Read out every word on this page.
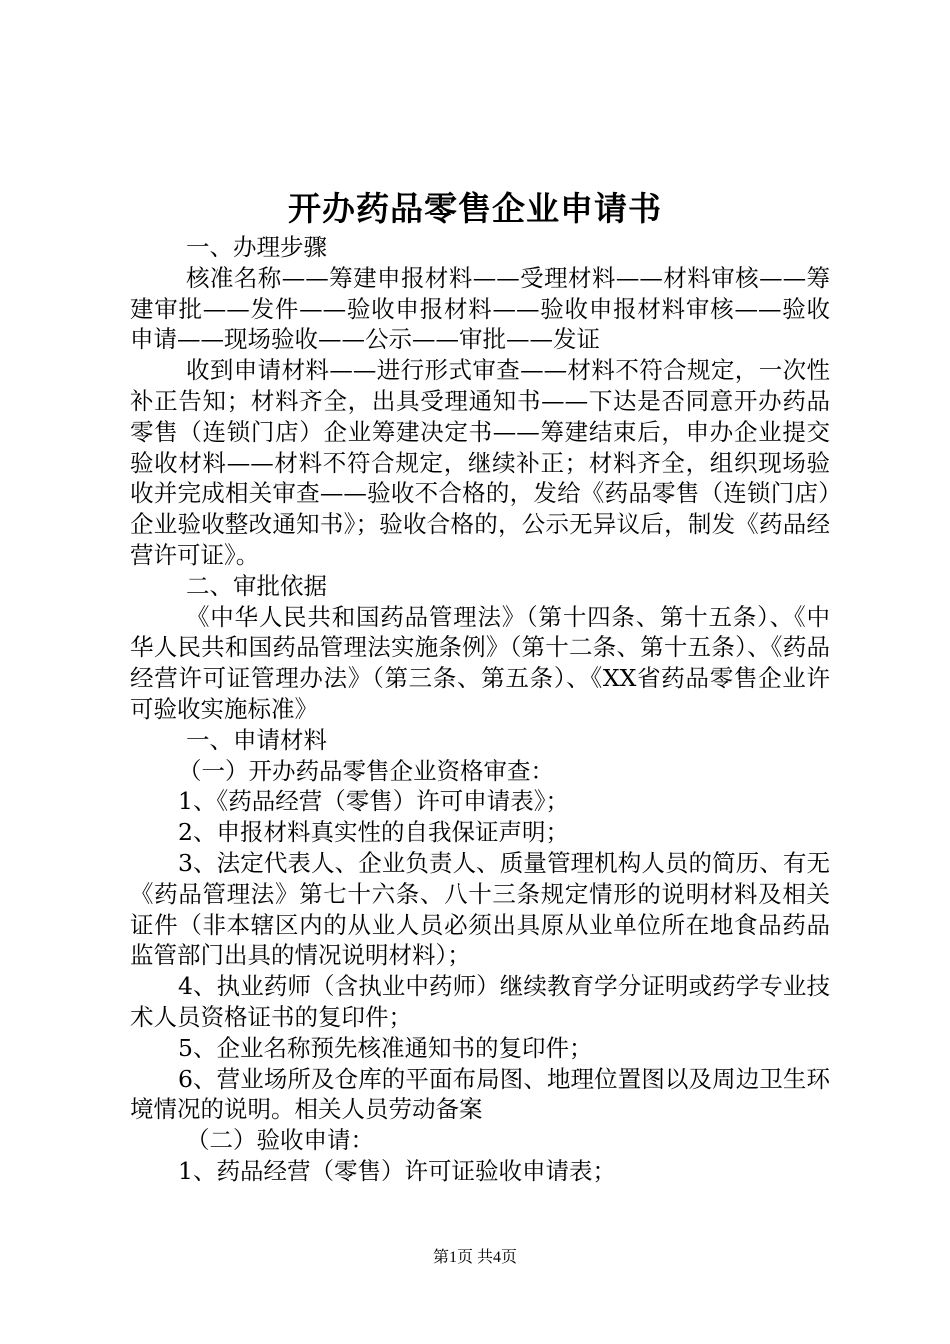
开办药品零售企业申请书

一、办理步骤

核准名称——筹建申报材料——受理材料——材料审核——筹建审批——发件——验收申报材料——验收申报材料审核——验收申请——现场验收——公示——审批——发证

收到申请材料——进行形式审查——材料不符合规定，一次性补正告知；材料齐全，出具受理通知书——下达是否同意开办药品零售（连锁门店）企业筹建决定书——筹建结束后，申办企业提交验收材料——材料不符合规定，继续补正；材料齐全，组织现场验收并完成相关审查——验收不合格的，发给《药品零售（连锁门店）企业验收整改通知书》；验收合格的，公示无异议后，制发《药品经营许可证》。

二、审批依据

《中华人民共和国药品管理法》（第十四条、第十五条）、《中华人民共和国药品管理法实施条例》（第十二条、第十五条）、《药品经营许可证管理办法》（第三条、第五条）、《XX省药品零售企业许可验收实施标准》

一、申请材料

（一）开办药品零售企业资格审查：

1、《药品经营（零售）许可申请表》；

2、申报材料真实性的自我保证声明；

3、法定代表人、企业负责人、质量管理机构人员的简历、有无《药品管理法》第七十六条、八十三条规定情形的说明材料及相关证件（非本辖区内的从业人员必须出具原从业单位所在地食品药品监管部门出具的情况说明材料）；

4、执业药师（含执业中药师）继续教育学分证明或药学专业技术人员资格证书的复印件；

5、企业名称预先核准通知书的复印件；

6、营业场所及仓库的平面布局图、地理位置图以及周边卫生环境情况的说明。相关人员劳动备案

（二）验收申请：

1、药品经营（零售）许可证验收申请表；

第1页 共4页
